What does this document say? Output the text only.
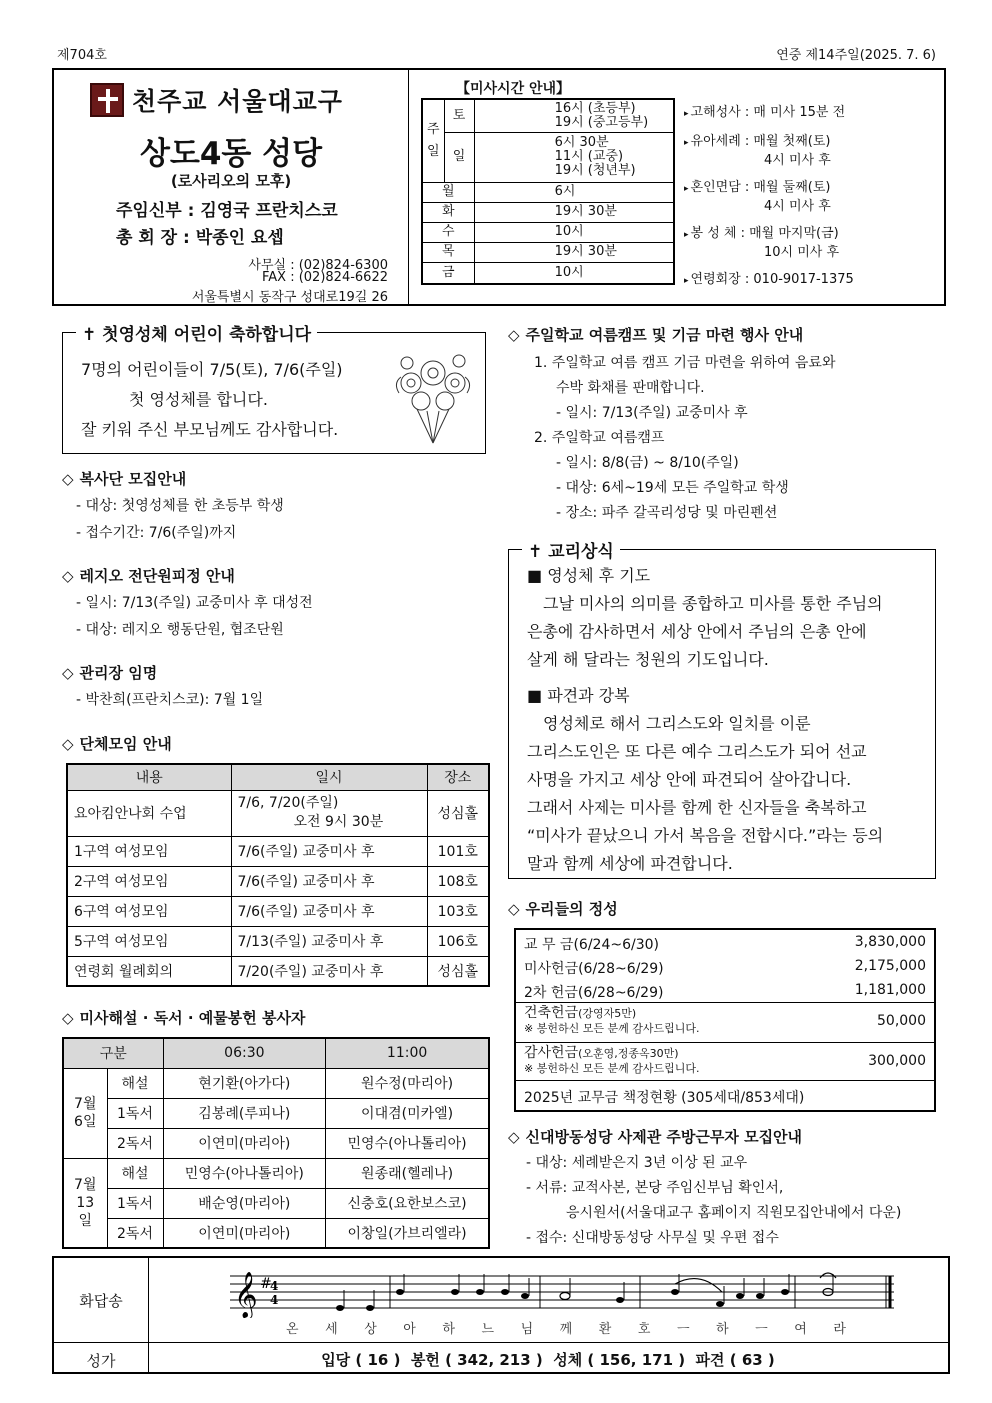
제704호	연중 제14주일(2025. 7. 6)
천주교 서울대교구
상도4동 성당
(로사리오의 모후)
주임신부 : 김영국 프란치스코
총 회 장 : 박종인 요셉
사무실 : (02)824-6300
FAX : (02)824-6622
서울특별시 동작구 성대로19길 26
【미사시간 안내】
주일	토	16시 (초등부)
19시 (중고등부)

	일	6시 30분
11시 (교중)
19시 (청년부)

월		6시
화		19시 30분
수		10시
목		19시 30분
금		10시
▸ 고해성사 : 매 미사 15분 전
▸ 유아세례 : 매월 첫째(토)
4시 미사 후
▸ 혼인면담 : 매월 둘째(토)
4시 미사 후
▸ 봉 성 체 : 매월 마지막(금)
10시 미사 후
▸ 연령회장 : 010-9017-1375
7명의 어린이들이 7/5(토), 7/6(주일)
첫 영성체를 합니다.
잘 키워 주신 부모님께도 감사합니다.
✝ 첫영성체 어린이 축하합니다
◇ 복사단 모집안내
- 대상: 첫영성체를 한 초등부 학생
- 접수기간: 7/6(주일)까지
◇ 레지오 전단원피정 안내
- 일시: 7/13(주일) 교중미사 후 대성전
- 대상: 레지오 행동단원, 협조단원
◇ 관리장 임명
- 박찬희(프란치스코): 7월 1일
◇ 단체모임 안내
내용	일시	장소
요아킴안나회 수업	7/6, 7/20(주일)
오전 9시 30분	성심홀
1구역 여성모임	7/6(주일) 교중미사 후	101호
2구역 여성모임	7/6(주일) 교중미사 후	108호
6구역 여성모임	7/6(주일) 교중미사 후	103호
5구역 여성모임	7/13(주일) 교중미사 후	106호
연령회 월례회의	7/20(주일) 교중미사 후	성심홀
◇ 미사해설 · 독서 · 예물봉헌 봉사자
구분		06:30	11:00
7월 6일	해설	현기환(아가다)	원수정(마리아)
	1독서	김봉례(루피나)	이대겸(미카엘)
	2독서	이연미(마리아)	민영수(아나톨리아)
7월 13일	해설	민영수(아나톨리아)	원종래(헬레나)
	1독서	배순영(마리아)	신충호(요한보스코)
	2독서	이연미(마리아)	이창일(가브리엘라)
◇ 주일학교 여름캠프 및 기금 마련 행사 안내
1. 주일학교 여름 캠프 기금 마련을 위하여 음료와
수박 화채를 판매합니다.
- 일시: 7/13(주일) 교중미사 후
2. 주일학교 여름캠프
- 일시: 8/8(금) ~ 8/10(주일)
- 대상: 6세~19세 모든 주일학교 학생
- 장소: 파주 갈곡리성당 및 마린펜션
■ 영성체 후 기도
그날 미사의 의미를 종합하고 미사를 통한 주님의
은총에 감사하면서 세상 안에서 주님의 은총 안에
살게 해 달라는 청원의 기도입니다.
■ 파견과 강복
영성체로 해서 그리스도와 일치를 이룬
그리스도인은 또 다른 예수 그리스도가 되어 선교
사명을 가지고 세상 안에 파견되어 살아갑니다.
그래서 사제는 미사를 함께 한 신자들을 축복하고
“미사가 끝났으니 가서 복음을 전합시다.”라는 등의
말과 함께 세상에 파견합니다.
✝ 교리상식
◇ 우리들의 정성
교 무 금(6/24~6/30)	3,830,000
미사헌금(6/28~6/29)	2,175,000
2차 헌금(6/28~6/29)	1,181,000
건축헌금(강영자5만)
※ 봉헌하신 모든 분께 감사드립니다.	50,000
감사헌금(오훈영,정종옥30만)
※ 봉헌하신 모든 분께 감사드립니다.	300,000
2025년 교무금 책정현황 (305세대/853세대)
◇ 신대방동성당 사제관 주방근무자 모집안내
- 대상: 세례받은지 3년 이상 된 교우
- 서류: 교적사본, 본당 주임신부님 확인서,
응시원서(서울대교구 홈페이지 직원모집안내에서 다운)
- 접수: 신대방동성당 사무실 및 우편 접수
화답송	𝄞 #
4
4
온 세 상 아 하 느 님 께 환 호 ㅡ 하 ㅡ 여 라
성가	입당 ( 16 )  봉헌 ( 342, 213 )  성체 ( 156, 171 )  파견 ( 63 )
